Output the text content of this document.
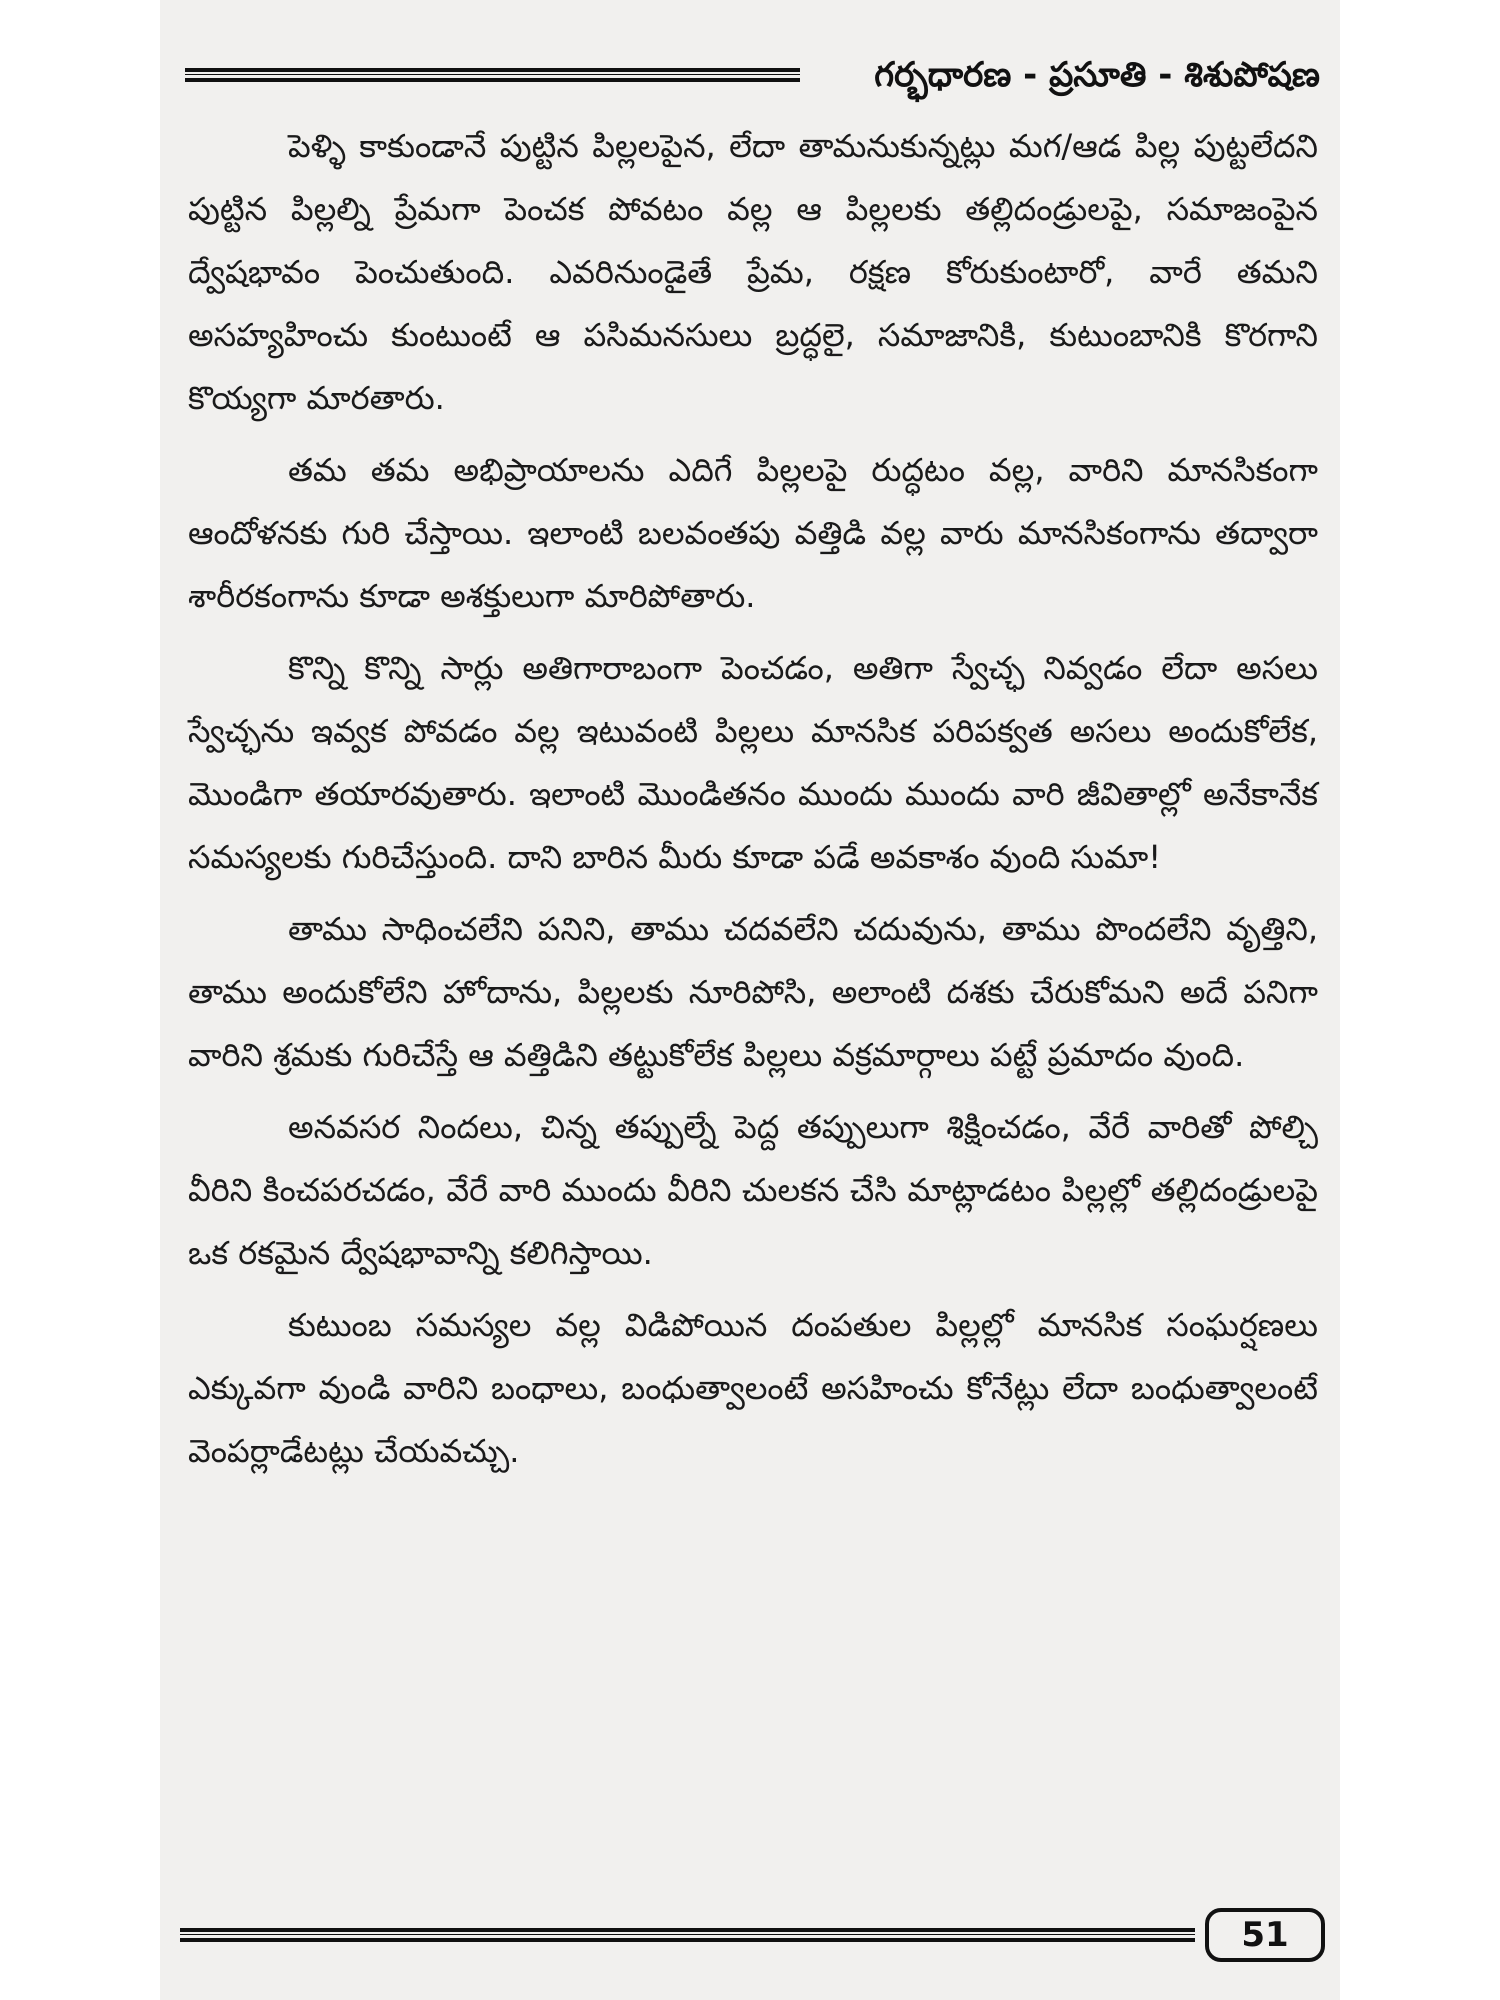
గర్భధారణ - ప్రసూతి - శిశుపోషణ

పెళ్ళి కాకుండానే పుట్టిన పిల్లలపైన, లేదా తామనుకున్నట్లు మగ/ఆడ పిల్ల పుట్టలేదని పుట్టిన పిల్లల్ని ప్రేమగా పెంచక పోవటం వల్ల ఆ పిల్లలకు తల్లిదండ్రులపై, సమాజంపైన ద్వేషభావం పెంచుతుంది. ఎవరినుండైతే ప్రేమ, రక్షణ కోరుకుంటారో, వారే తమని అసహ్యహించు కుంటుంటే ఆ పసిమనసులు బ్రద్ధలై, సమాజానికి, కుటుంబానికి కొరగాని కొయ్యగా మారతారు.

తమ తమ అభిప్రాయాలను ఎదిగే పిల్లలపై రుద్ధటం వల్ల, వారిని మానసికంగా ఆందోళనకు గురి చేస్తాయి. ఇలాంటి బలవంతపు వత్తిడి వల్ల వారు మానసికంగాను తద్వారా శారీరకంగాను కూడా అశక్తులుగా మారిపోతారు.

కొన్ని కొన్ని సార్లు అతిగారాబంగా పెంచడం, అతిగా స్వేచ్ఛ నివ్వడం లేదా అసలు స్వేచ్ఛను ఇవ్వక పోవడం వల్ల ఇటువంటి పిల్లలు మానసిక పరిపక్వత అసలు అందుకోలేక, మొండిగా తయారవుతారు. ఇలాంటి మొండితనం ముందు ముందు వారి జీవితాల్లో అనేకానేక సమస్యలకు గురిచేస్తుంది. దాని బారిన మీరు కూడా పడే అవకాశం వుంది సుమా!

తాము సాధించలేని పనిని, తాము చదవలేని చదువును, తాము పొందలేని వృత్తిని, తాము అందుకోలేని హోదాను, పిల్లలకు నూరిపోసి, అలాంటి దశకు చేరుకోమని అదే పనిగా వారిని శ్రమకు గురిచేస్తే ఆ వత్తిడిని తట్టుకోలేక పిల్లలు వక్రమార్గాలు పట్టే ప్రమాదం వుంది.

అనవసర నిందలు, చిన్న తప్పుల్నే పెద్ద తప్పులుగా శిక్షించడం, వేరే వారితో పోల్చి వీరిని కించపరచడం, వేరే వారి ముందు వీరిని చులకన చేసి మాట్లాడటం పిల్లల్లో తల్లిదండ్రులపై ఒక రకమైన ద్వేషభావాన్ని కలిగిస్తాయి.

కుటుంబ సమస్యల వల్ల విడిపోయిన దంపతుల పిల్లల్లో మానసిక సంఘర్షణలు ఎక్కువగా వుండి వారిని బంధాలు, బంధుత్వాలంటే అసహించు కోనేట్లు లేదా బంధుత్వాలంటే వెంపర్లాడేటట్లు చేయవచ్చు.

51
